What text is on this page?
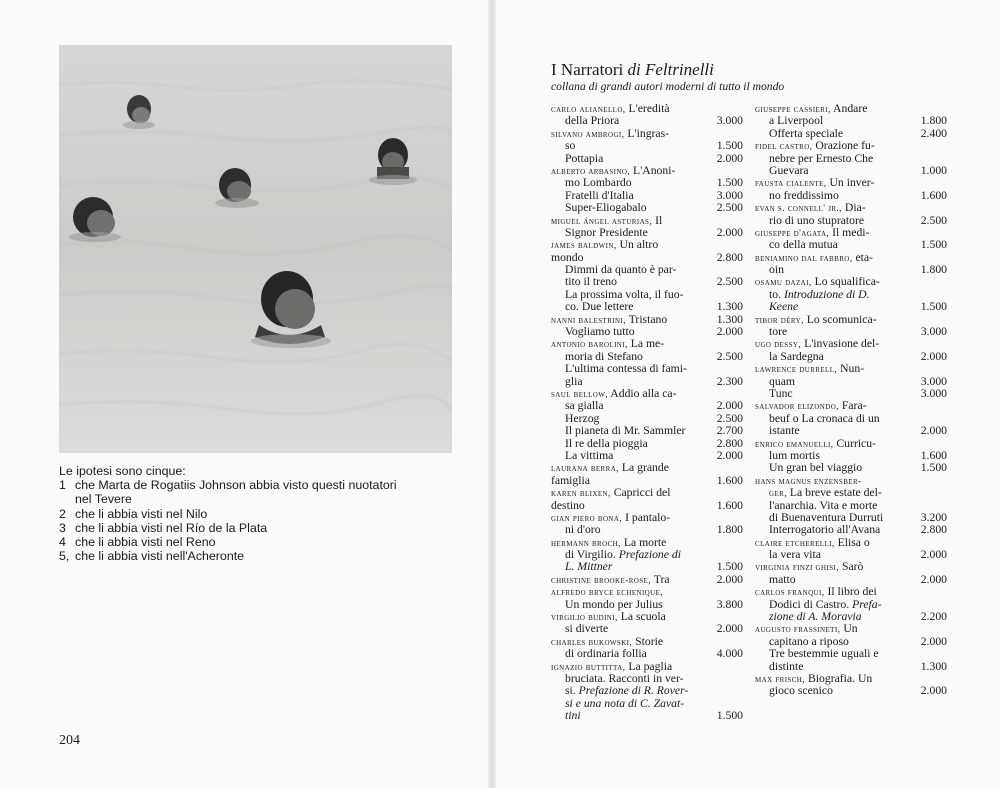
Le ipotesi sono cinque:

1 che Marta de Rogatiis Johnson abbia visto questi nuotatori
nel Tevere
2 che li abbia visti nel Nilo
3 che li abbia visti nel Río de la Plata
4 che li abbia visti nel Reno
5, che li abbia visti nell'Acheronte
204
I Narratori di Feltrinelli
collana di grandi autori moderni di tutto il mondo
carlo alianello, L'eredità
della Priora	3.000
silvano ambrogi, L'ingras-
so	1.500
Pottapia	2.000
alberto arbasino, L'Anoni-
mo Lombardo	1.500
Fratelli d'Italia	3.000
Super-Eliogabalo	2.500
miguel ángel asturias, Il
Signor Presidente	2.000
james baldwin, Un altro
mondo	2.800
Dimmi da quanto è par-
tito il treno	2.500
La prossima volta, il fuo-
co. Due lettere	1.300
nanni balestrini, Tristano	1.300
Vogliamo tutto	2.000
antonio barolini, La me-
moria di Stefano	2.500
L'ultima contessa di fami-
glia	2.300
saul bellow, Addio alla ca-
sa gialla	2.000
Herzog	2.500
Il pianeta di Mr. Sammler	2.700
Il re della pioggia	2.800
La vittima	2.000
laurana berra, La grande
famiglia	1.600
karen blixen, Capricci del
destino	1.600
gian piero bona, I pantalo-
ni d'oro	1.800
hermann broch, La morte
di Virgilio. Prefazione di
L. Mittner	1.500
christine brooke-rose, Tra	2.000
alfredo bryce echenique,
Un mondo per Julius	3.800
virgilio budini, La scuola
si diverte	2.000
charles bukowski, Storie
di ordinaria follia	4.000
ignazio buttitta, La paglia
bruciata. Racconti in ver-
si. Prefazione di R. Rover-
si e una nota di C. Zavat-
tini	1.500
giuseppe cassieri, Andare
a Liverpool	1.800
Offerta speciale	2.400
fidel castro, Orazione fu-
nebre per Ernesto Che
Guevara	1.000
fausta cialente, Un inver-
no freddissimo	1.600
evan s. connell' jr., Dia-
rio di uno stupratore	2.500
giuseppe d'agata, Il medi-
co della mutua	1.500
beniamino dal fabbro, eta-
oin	1.800
osamu dazai, Lo squalifica-
to. Introduzione di D.
Keene	1.500
tibor déry, Lo scomunica-
tore	3.000
ugo dessy, L'invasione del-
la Sardegna	2.000
lawrence durrell, Nun-
quam	3.000
Tunc	3.000
salvador elizondo, Fara-
beuf o La cronaca di un
istante	2.000
enrico emanuelli, Curricu-
lum mortis	1.600
Un gran bel viaggio	1.500
hans magnus enzensber-
ger, La breve estate del-
l'anarchia. Vita e morte
di Buenaventura Durruti	3.200
Interrogatorio all'Avana	2.800
claire etcherelli, Elisa o
la vera vita	2.000
virginia finzi ghisi, Sarò
matto	2.000
carlos franqui, Il libro dei
Dodici di Castro. Prefa-
zione di A. Moravia	2.200
augusto frassineti, Un
capitano a riposo	2.000
Tre bestemmie uguali e
distinte	1.300
max frisch, Biografia. Un
gioco scenico	2.000
